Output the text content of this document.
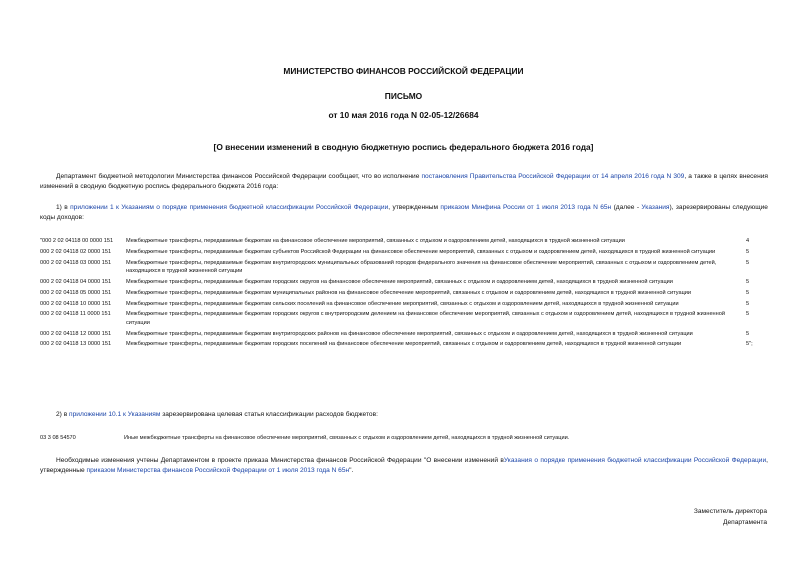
МИНИСТЕРСТВО ФИНАНСОВ РОССИЙСКОЙ ФЕДЕРАЦИИ
ПИСЬМО
от 10 мая 2016 года N 02-05-12/26684
[О внесении изменений в сводную бюджетную роспись федерального бюджета 2016 года]
Департамент бюджетной методологии Министерства финансов Российской Федерации сообщает, что во исполнение постановления Правительства Российской Федерации от 14 апреля 2016 года N 309, а также в целях внесения изменений в сводную бюджетную роспись федерального бюджета 2016 года:
1) в приложении 1 к Указаниям о порядке применения бюджетной классификации Российской Федерации, утвержденным приказом Минфина России от 1 июля 2013 года N 65н (далее - Указания), зарезервированы следующие коды доходов:
"000 2 02 04118 00 0000 151	Межбюджетные трансферты, передаваемые бюджетам на финансовое обеспечение мероприятий, связанных с отдыхом и оздоровлением детей, находящихся в трудной жизненной ситуации	4
000 2 02 04118 02 0000 151	Межбюджетные трансферты, передаваемые бюджетам субъектов Российской Федерации на финансовое обеспечение мероприятий, связанных с отдыхом и оздоровлением детей, находящихся в трудной жизненной ситуации	5
000 2 02 04118 03 0000 151	Межбюджетные трансферты, передаваемые бюджетам внутригородских муниципальных образований городов федерального значения на финансовое обеспечение мероприятий, связанных с отдыхом и оздоровлением детей, находящихся в трудной жизненной ситуации	5
000 2 02 04118 04 0000 151	Межбюджетные трансферты, передаваемые бюджетам городских округов на финансовое обеспечение мероприятий, связанных с отдыхом и оздоровлением детей, находящихся в трудной жизненной ситуации	5
000 2 02 04118 05 0000 151	Межбюджетные трансферты, передаваемые бюджетам муниципальных районов на финансовое обеспечение мероприятий, связанных с отдыхом и оздоровлением детей, находящихся в трудной жизненной ситуации	5
000 2 02 04118 10 0000 151	Межбюджетные трансферты, передаваемые бюджетам сельских поселений на финансовое обеспечение мероприятий, связанных с отдыхом и оздоровлением детей, находящихся в трудной жизненной ситуации	5
000 2 02 04118 11 0000 151	Межбюджетные трансферты, передаваемые бюджетам городских округов с внутригородским делением на финансовое обеспечение мероприятий, связанных с отдыхом и оздоровлением детей, находящихся в трудной жизненной ситуации	5
000 2 02 04118 12 0000 151	Межбюджетные трансферты, передаваемые бюджетам внутригородских районов на финансовое обеспечение мероприятий, связанных с отдыхом и оздоровлением детей, находящихся в трудной жизненной ситуации	5
000 2 02 04118 13 0000 151	Межбюджетные трансферты, передаваемые бюджетам городских поселений на финансовое обеспечение мероприятий, связанных с отдыхом и оздоровлением детей, находящихся в трудной жизненной ситуации	5";
2) в приложении 10.1 к Указаниям зарезервирована целевая статья классификации расходов бюджетов:
03 3 08 54570	Иные межбюджетные трансферты на финансовое обеспечение мероприятий, связанных с отдыхом и оздоровлением детей, находящихся в трудной жизненной ситуации.
Необходимые изменения учтены Департаментом в проекте приказа Министерства финансов Российской Федерации "О внесении изменений вУказания о порядке применения бюджетной классификации Российской Федерации, утвержденные приказом Министерства финансов Российской Федерации от 1 июля 2013 года N 65н".
Заместитель директора
Департамента
